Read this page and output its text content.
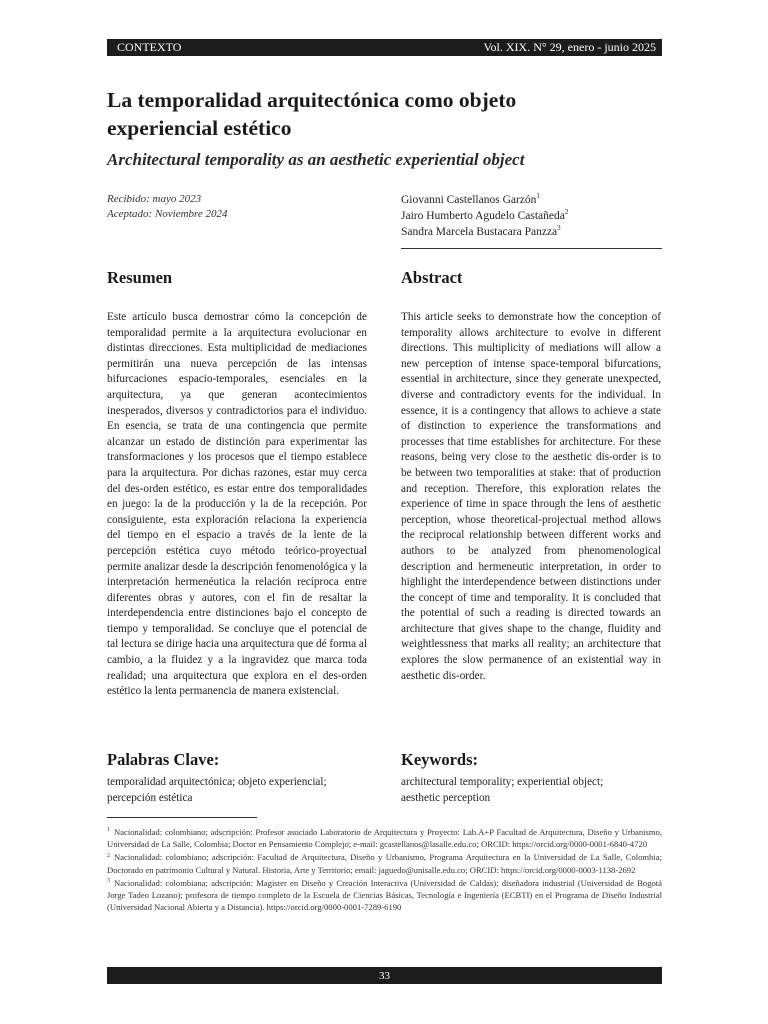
CONTEXTO	Vol. XIX. N° 29, enero - junio 2025
La temporalidad arquitectónica como objeto experiencial estético
Architectural temporality as an aesthetic experiential object
Recibido: mayo 2023
Aceptado: Noviembre 2024
Giovanni Castellanos Garzón$^1$
Jairo Humberto Agudelo Castañeda$^2$
Sandra Marcela Bustacara Panzza$^3$
Resumen	Abstract

Este artículo busca demostrar cómo la concepción de temporalidad permite a la arquitectura evolucionar en distintas direcciones. Esta multiplicidad de mediaciones permitirán una nueva percepción de las intensas bifurcaciones espacio-temporales, esenciales en la arquitectura, ya que generan acontecimientos inesperados, diversos y contradictorios para el individuo. En esencia, se trata de una contingencia que permite alcanzar un estado de distinción para experimentar las transformaciones y los procesos que el tiempo establece para la arquitectura. Por dichas razones, estar muy cerca del des-orden estético, es estar entre dos temporalidades en juego: la de la producción y la de la recepción. Por consiguiente, esta exploración relaciona la experiencia del tiempo en el espacio a través de la lente de la percepción estética cuyo método teórico-proyectual permite analizar desde la descripción fenomenológica y la interpretación hermenéutica la relación recíproca entre diferentes obras y autores, con el fin de resaltar la interdependencia entre distinciones bajo el concepto de tiempo y temporalidad. Se concluye que el potencial de tal lectura se dirige hacia una arquitectura que dé forma al cambio, a la fluidez y a la ingravidez que marca toda realidad; una arquitectura que explora en el des-orden estético la lenta permanencia de manera existencial.

This article seeks to demonstrate how the conception of temporality allows architecture to evolve in different directions. This multiplicity of mediations will allow a new perception of intense space-temporal bifurcations, essential in architecture, since they generate unexpected, diverse and contradictory events for the individual. In essence, it is a contingency that allows to achieve a state of distinction to experience the transformations and processes that time establishes for architecture. For these reasons, being very close to the aesthetic dis-order is to be between two temporalities at stake: that of production and reception. Therefore, this exploration relates the experience of time in space through the lens of aesthetic perception, whose theoretical-projectual method allows the reciprocal relationship between different works and authors to be analyzed from phenomenological description and hermeneutic interpretation, in order to highlight the interdependence between distinctions under the concept of time and temporality. It is concluded that the potential of such a reading is directed towards an architecture that gives shape to the change, fluidity and weightlessness that marks all reality; an architecture that explores the slow permanence of an existential way in aesthetic dis-order.

Palabras Clave:	Keywords:

temporalidad arquitectónica; objeto experiencial; percepción estética

architectural temporality; experiential object; aesthetic perception

$^1$ Nacionalidad: colombiano; adscripción: Profesor asociado Laboratorio de Arquitectura y Proyecto: Lab.A+P Facultad de Arquitectura, Diseño y Urbanismo, Universidad de La Salle, Colombia; Doctor en Pensamiento Complejo; e-mail: gcastellanos@lasalle.edu.co; ORCID: https://orcid.org/0000-0001-6840-4720

$^2$ Nacionalidad: colombiano; adscripción: Facultad de Arquitectura, Diseño y Urbanismo, Programa Arquitectura en la Universidad de La Salle, Colombia; Doctorado en patrimonio Cultural y Natural. Historia, Arte y Territorio; email: jaguedo@unisalle.edu.co; ORCID: https://orcid.org/0000-0003-1138-2692

$^3$ Nacionalidad: colombiana; adscripción: Magister en Diseño y Creación Interactiva (Universidad de Caldas); diseñadora industrial (Universidad de Bogotá Jorge Tadeo Lozano); profesora de tiempo completo de la Escuela de Ciencias Básicas, Tecnología e Ingeniería (ECBTI) en el Programa de Diseño Industrial (Universidad Nacional Abierta y a Distancia). https://orcid.org/0000-0001-7289-6190

33
